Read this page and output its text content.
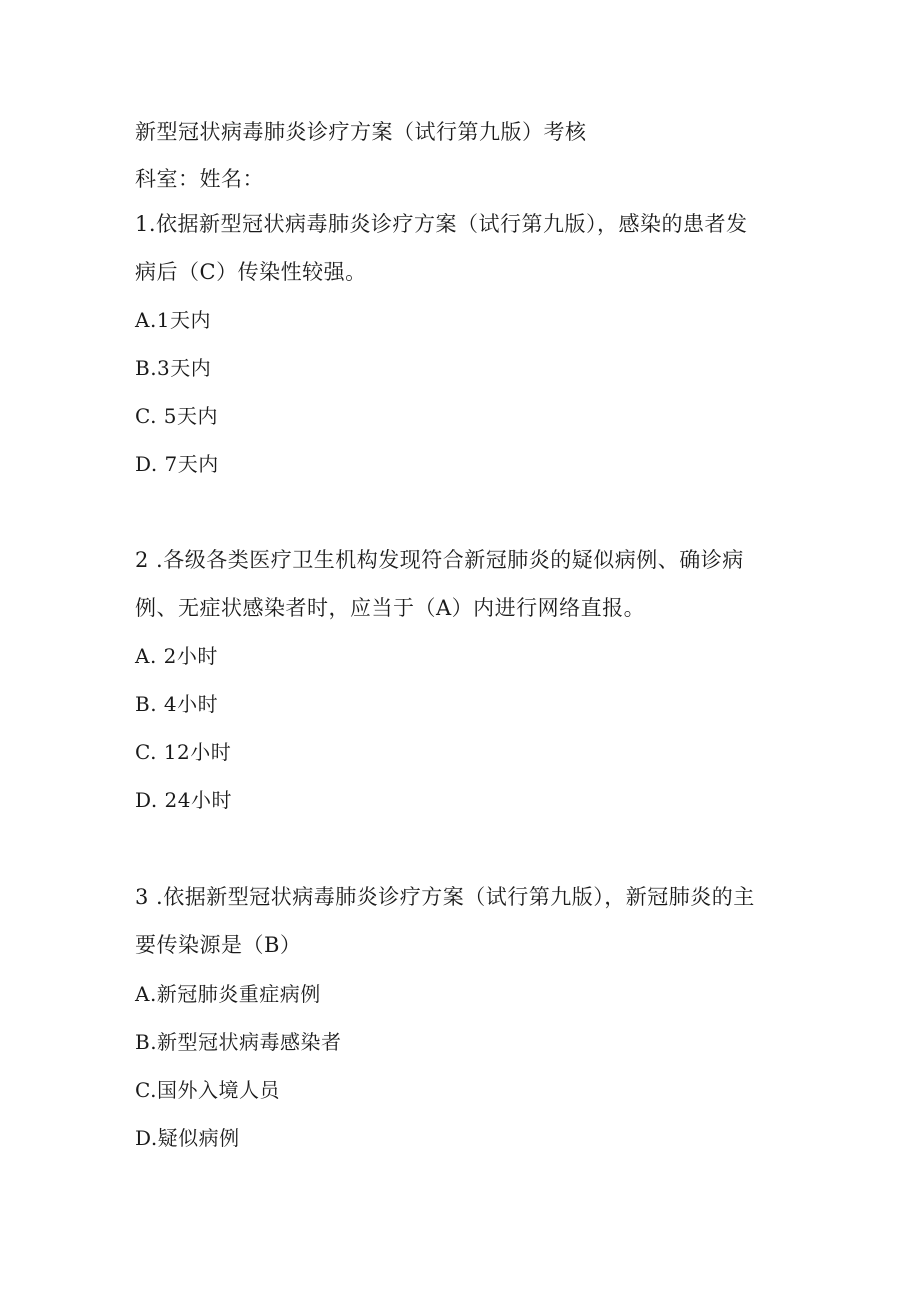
新型冠状病毒肺炎诊疗方案（试行第九版）考核
科室：姓名：
1.依据新型冠状病毒肺炎诊疗方案（试行第九版），感染的患者发
病后（C）传染性较强。
A.1天内
B.3天内
C. 5天内
D. 7天内
2 .各级各类医疗卫生机构发现符合新冠肺炎的疑似病例、确诊病
例、无症状感染者时，应当于（A）内进行网络直报。
A. 2小时
B. 4小时
C. 12小时
D. 24小时
3 .依据新型冠状病毒肺炎诊疗方案（试行第九版），新冠肺炎的主
要传染源是（B）
A.新冠肺炎重症病例
B.新型冠状病毒感染者
C.国外入境人员
D.疑似病例
